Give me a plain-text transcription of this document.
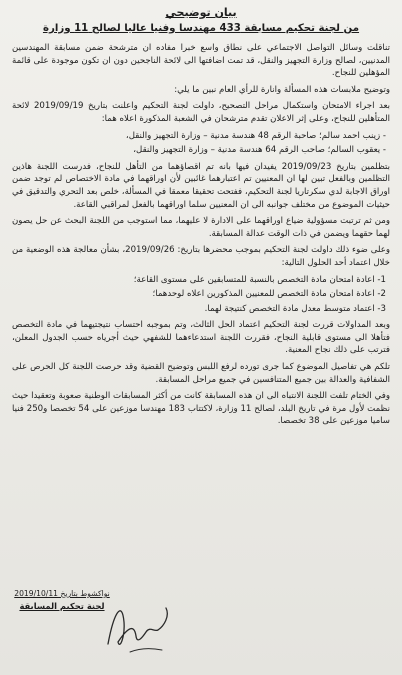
بيان توضيحي
من لجنة تحكيم مسابقة 433 مهندسا وفنيا عاليا لصالح 11 وزارة

تناقلت وسائل التواصل الاجتماعي على نطاق واسع خبرا مفاده ان مترشحة ضمن مسابقة المهندسين المدنيين، لصالح وزارة التجهيز والنقل، قد تمت اضافتها الى لائحة الناجحين دون ان تكون موجودة على قائمة المؤهلين للنجاح.

وتوضيح ملابسات هذه المسألة وانارة للرأي العام نبين ما يلي:

بعد اجراء الامتحان واستكمال مراحل التصحيح، داولت لجنة التحكيم واعلنت بتاريخ 2019/09/19 لائحة المتأهلين للنجاح، وعلى إثر الاعلان تقدم مترشحان في الشعبة المذكورة اعلاه هما:

- زينب احمد سالم؛ صاحبة الرقم 48 هندسة مدنية – وزارة التجهيز والنقل،
- يعقوب السالم؛ صاحب الرقم 64 هندسة مدنية – وزارة التجهيز والنقل،

بتظلمين بتاريخ 2019/09/23 يفيدان فيها بانه تم اقصاؤهما من التأهل للنجاح، فدرست اللجنة هاذين التظلمين وبالفعل تبين لها ان المعنيين تم اعتبارهما غائبين لأن اوراقهما في مادة الاختصاص لم توجد ضمن اوراق الاجابة لدي سكرتاريا لجنة التحكيم، ففتحت تحقيقا معمقا في المسألة، خلص بعد التحري والتدقيق في حيثيات الموضوع من مختلف جوانبه الى ان المعنيين سلما اوراقهما بالفعل لمراقبي القاعة.

ومن ثم ترتبت مسؤولية ضياع اوراقهما على الادارة لا عليهما، مما استوجب من اللجنة البحث عن حل يصون لهما حقهما ويضمن في ذات الوقت عدالة المسابقة.

وعلى ضوء ذلك داولت لجنة التحكيم بموجب محضرها بتاريخ: 2019/09/26، بشأن معالجة هذه الوضعية من خلال اعتماد أحد الحلول التالية:

1- اعادة امتحان مادة التخصص بالنسبة للمتسابقين على مستوى القاعة؛
2- اعادة امتحان مادة التخصص للمعنيين المذكورين اعلاه لوحدهما؛
3- اعتماد متوسط معدل مادة التخصص كنتيجة لهما.

وبعد المداولات قررت لجنة التحكيم اعتماد الحل الثالث، وتم بموجبه احتساب نتيجتيهما في مادة التخصص فتأهلا الى مستوى قابلية النجاح، فقررت اللجنة استدعاءهما للشفهي حيث أجرياه حسب الجدول المعلن، فترتب على ذلك نجاح المعنية.

تلكم هي تفاصيل الموضوع كما جرى تورده لرفع اللبس وتوضيح القضية وقد حرصت اللجنة كل الحرص على الشفافية والعدالة بين جميع المتنافسين في جميع مراحل المسابقة.

وفي الختام تلفت اللجنة الانتباه الى ان هذه المسابقة كانت من أكثر المسابقات الوطنية صعوبة وتعقيدا حيث نظمت لأول مرة في تاريخ البلد، لصالح 11 وزارة، لاكتتاب 183 مهندسا موزعين على 54 تخصصا و250 فنيا ساميا موزعين على 38 تخصصا.

نواكشوط بتاريخ 2019/10/11
لجنة تحكيم المسابقة
